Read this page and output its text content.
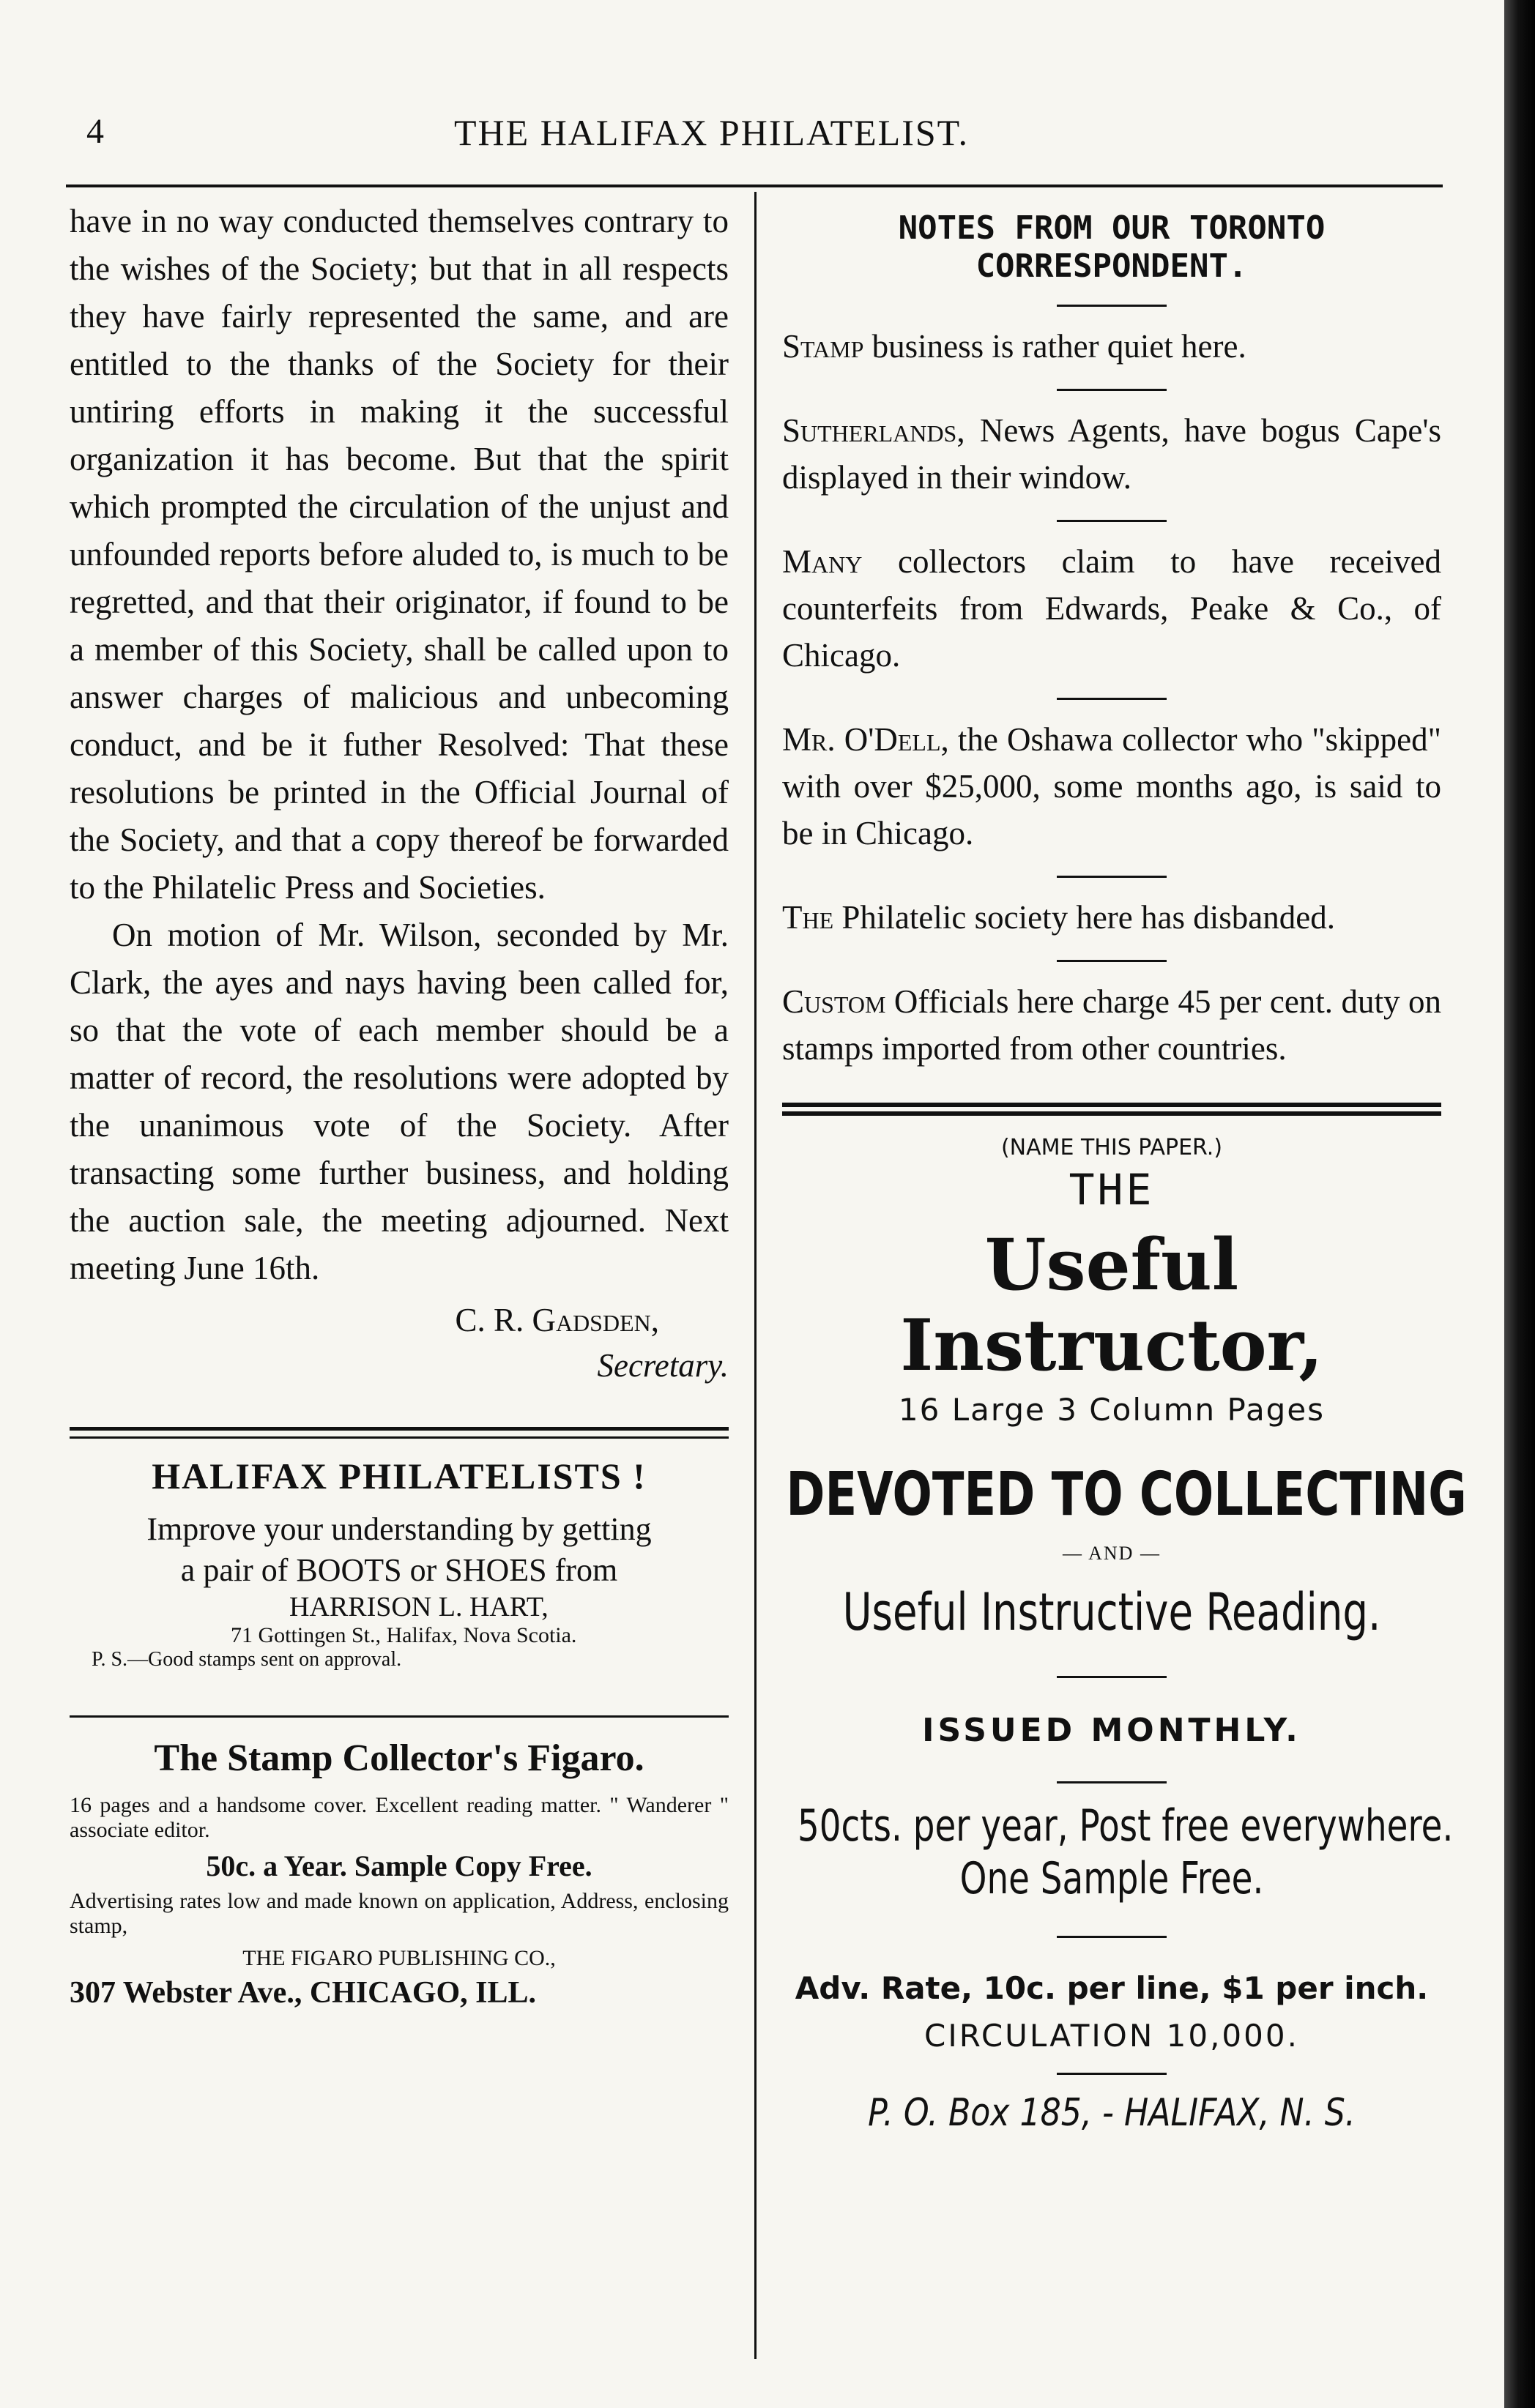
4	THE HALIFAX PHILATELIST.

have in no way conducted themselves contrary to the wishes of the Society; but that in all respects they have fairly represented the same, and are entitled to the thanks of the Society for their untiring efforts in making it the successful organization it has become. But that the spirit which prompted the circulation of the unjust and unfounded reports before aluded to, is much to be regretted, and that their originator, if found to be a member of this Society, shall be called upon to answer charges of malicious and unbecoming conduct, and be it futher Resolved: That these resolutions be printed in the Official Journal of the Society, and that a copy thereof be forwarded to the Philatelic Press and Societies.

On motion of Mr. Wilson, seconded by Mr. Clark, the ayes and nays having been called for, so that the vote of each member should be a matter of record, the resolutions were adopted by the unanimous vote of the Society. After transacting some further business, and holding the auction sale, the meeting adjourned. Next meeting June 16th.

C. R. Gadsden,
Secretary.
HALIFAX PHILATELISTS !
Improve your understanding by getting
a pair of BOOTS or SHOES from
HARRISON L. HART,
71 Gottingen St., Halifax, Nova Scotia.
P. S.—Good stamps sent on approval.
The Stamp Collector's Figaro.
16 pages and a handsome cover. Excellent reading matter. " Wanderer " associate editor.
50c. a Year. Sample Copy Free.
Advertising rates low and made known on application, Address, enclosing stamp,
THE FIGARO PUBLISHING CO.,
307 Webster Ave., CHICAGO, ILL.
NOTES FROM OUR TORONTO
CORRESPONDENT.

Stamp business is rather quiet here.

Sutherlands, News Agents, have bogus Cape's displayed in their window.

Many collectors claim to have received counterfeits from Edwards, Peake & Co., of Chicago.

Mr. O'Dell, the Oshawa collector who "skipped" with over $25,000, some months ago, is said to be in Chicago.

The Philatelic society here has disbanded.

Custom Officials here charge 45 per cent. duty on stamps imported from other countries.

(NAME THIS PAPER.)
THE
Useful Instructor,
16 Large 3 Column Pages
DEVOTED TO COLLECTING
— AND —
Useful Instructive Reading.
ISSUED MONTHLY.
50cts. per year, Post free everywhere.
One Sample Free.
Adv. Rate, 10c. per line, $1 per inch.
CIRCULATION 10,000.
P. O. Box 185, - HALIFAX, N. S.
